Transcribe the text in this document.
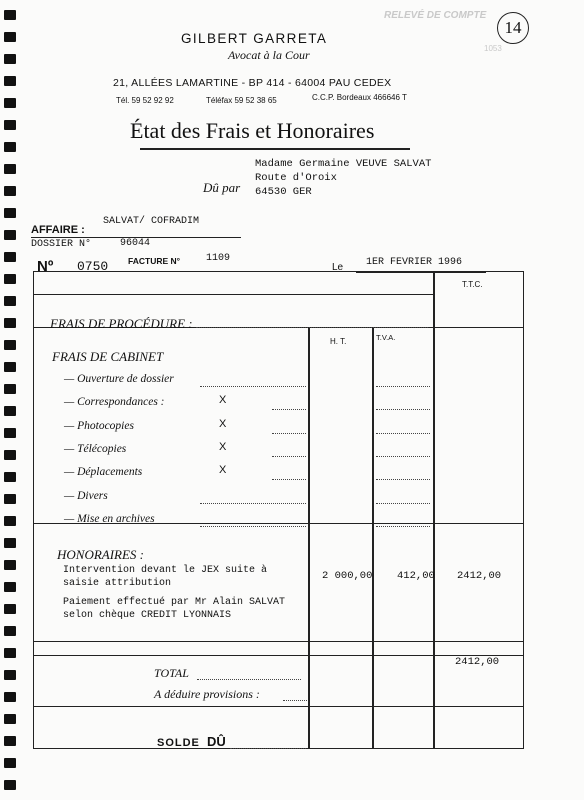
RELEVÉ DE COMPTE
1053
14
GILBERT GARRETA
Avocat à la Cour
21, ALLÉES LAMARTINE - BP 414 - 64004 PAU CEDEX
Tél. 59 52 92 92	Téléfax 59 52 38 65	C.C.P. Bordeaux 466646 T
État des Frais et Honoraires
Dû par
Madame Germaine VEUVE SALVAT
Route d'Oroix
64530 GER
AFFAIRE :
SALVAT/ COFRADIM
DOSSIER N°	96044
Nº 0750 FACTURE N°	1109
Le 1ER FEVRIER 1996
T.T.C.
H. T.	T.V.A.
FRAIS DE PROCÉDURE :
FRAIS DE CABINET
— Ouverture de dossier
— Correspondances :	X
— Photocopies	X
— Télécopies	X
— Déplacements	X
— Divers
— Mise en archives
HONORAIRES :
Intervention devant le JEX suite à
saisie attribution
2 000,00 412,00 2412,00
Paiement effectué par Mr Alain SALVAT
selon chèque CREDIT LYONNAIS
TOTAL
2412,00
A déduire provisions :
SOLDE DÛ
